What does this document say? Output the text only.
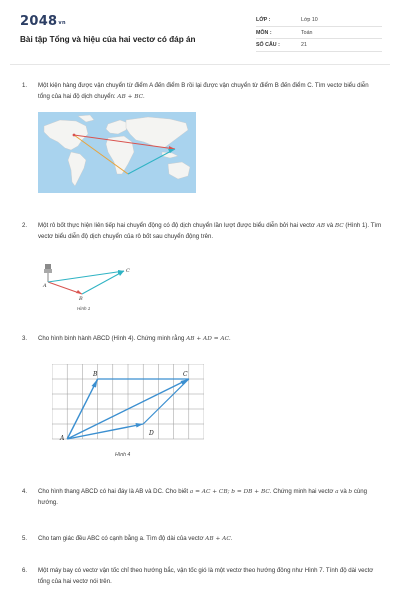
$2048^{vn}$
Bài tập Tổng và hiệu của hai vectơ có đáp án
LỚP :	Lớp 10
MÔN :	Toán
SỐ CÂU :	21
1. Một kiện hàng được vận chuyển từ điểm A đến điểm B rồi lại được vận chuyển từ điểm B đến điểm C. Tìm vectơ biểu diễn tổng của hai độ dịch chuyển: AB + BC.
2. Một rô bốt thực hiện liên tiếp hai chuyển động có độ dịch chuyển lần lượt được biểu diễn bởi hai vectơ AB và BC (Hình 1). Tìm vectơ biểu diễn độ dịch chuyển của rô bốt sau chuyển động trên.
A
B
C
Hình 1
3. Cho hình bình hành ABCD (Hình 4). Chứng minh rằng AB + AD = AC.
A
B	C
D
Hình 4
4. Cho hình thang ABCD có hai đáy là AB và DC. Cho biết a = AC + CB; b = DB + BC. Chứng minh hai vectơ a và b cùng hướng.
5. Cho tam giác đều ABC có cạnh bằng a. Tìm độ dài của vectơ AB + AC.
6. Một máy bay có vectơ vận tốc chỉ theo hướng bắc, vận tốc gió là một vectơ theo hướng đông như Hình 7. Tính độ dài vectơ tổng của hai vectơ nói trên.
